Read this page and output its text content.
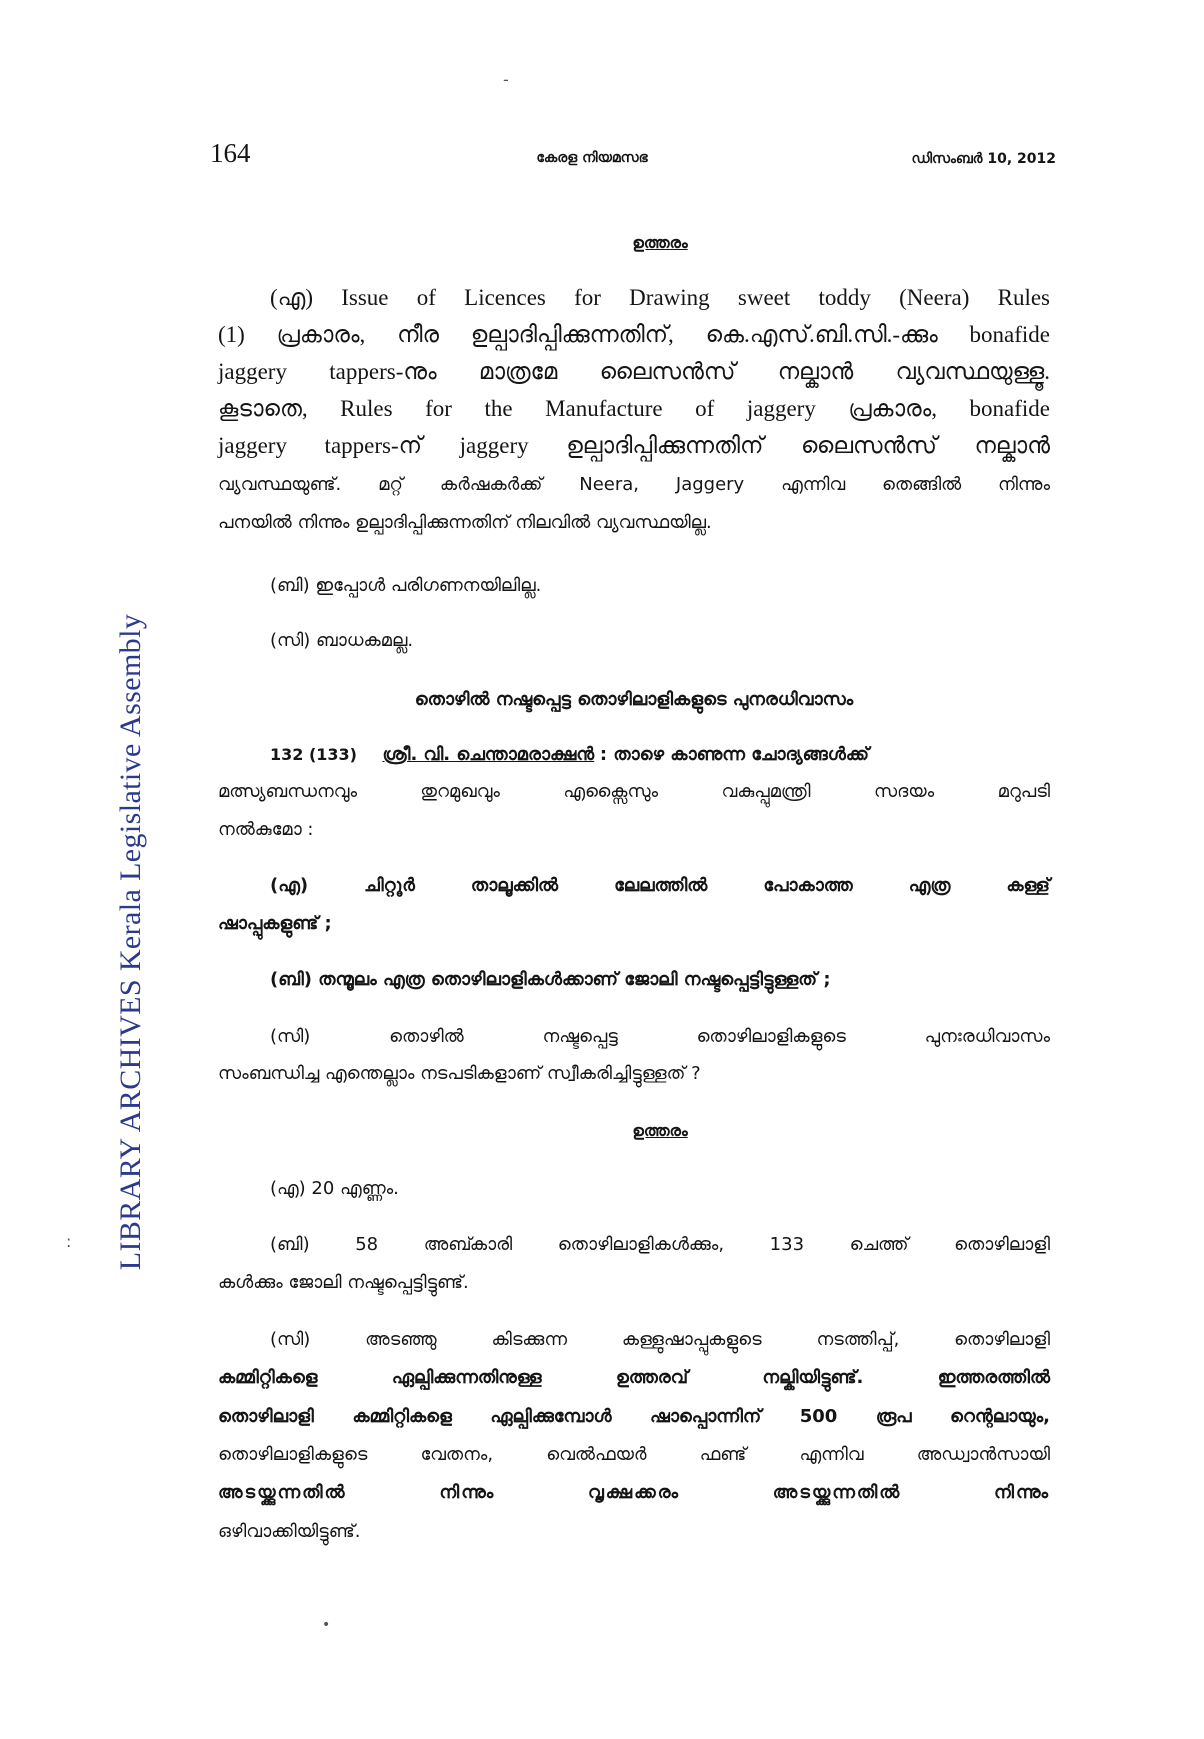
-
164	കേരള നിയമസഭ	ഡിസംബർ 10, 2012
LIBRARY ARCHIVES Kerala Legislative Assembly
:
ഉത്തരം
(എ) Issue of Licences for Drawing sweet toddy (Neera) Rules
(1) പ്രകാരം, നീര ഉല്പാദിപ്പിക്കുന്നതിന്, കെ.എസ്.ബി.സി.-ക്കും bonafide
jaggery tappers-നും മാത്രമേ ലൈസൻസ് നല്കാൻ വ്യവസ്ഥയുള്ളൂ.
കൂടാതെ, Rules for the Manufacture of jaggery പ്രകാരം, bonafide
jaggery tappers-ന് jaggery ഉല്പാദിപ്പിക്കുന്നതിന് ലൈസൻസ് നല്കാൻ
വ്യവസ്ഥയുണ്ട്. മറ്റ് കർഷകർക്ക് Neera, Jaggery എന്നിവ തെങ്ങിൽ നിന്നും
പനയിൽ നിന്നും ഉല്പാദിപ്പിക്കുന്നതിന് നിലവിൽ വ്യവസ്ഥയില്ല.
(ബി) ഇപ്പോൾ പരിഗണനയിലില്ല.
(സി) ബാധകമല്ല.
തൊഴിൽ നഷ്ടപ്പെട്ട തൊഴിലാളികളുടെ പുനരധിവാസം
132 (133) ശ്രീ. വി. ചെന്താമരാക്ഷൻ : താഴെ കാണുന്ന ചോദ്യങ്ങൾക്ക്
മത്സ്യബന്ധനവും തുറമുഖവും എക്സൈസും വകുപ്പുമന്ത്രി സദയം മറുപടി
നൽകുമോ :
(എ) ചിറ്റൂർ താലൂക്കിൽ ലേലത്തിൽ പോകാത്ത എത്ര കള്ള്
ഷാപ്പുകളുണ്ട് ;
(ബി) തന്മൂലം എത്ര തൊഴിലാളികൾക്കാണ് ജോലി നഷ്ടപ്പെട്ടിട്ടുള്ളത് ;
(സി) തൊഴിൽ നഷ്ടപ്പെട്ട തൊഴിലാളികളുടെ പുനഃരധിവാസം
സംബന്ധിച്ച എന്തെല്ലാം നടപടികളാണ് സ്വീകരിച്ചിട്ടുള്ളത് ?
ഉത്തരം
(എ) 20 എണ്ണം.
(ബി) 58 അബ്കാരി തൊഴിലാളികൾക്കും, 133 ചെത്ത് തൊഴിലാളി
കൾക്കും ജോലി നഷ്ടപ്പെട്ടിട്ടുണ്ട്.
(സി) അടഞ്ഞു കിടക്കുന്ന കള്ളുഷാപ്പുകളുടെ നടത്തിപ്പ്, തൊഴിലാളി
കമ്മിറ്റികളെ ഏല്പിക്കുന്നതിനുള്ള ഉത്തരവ് നല്കിയിട്ടുണ്ട്. ഇത്തരത്തിൽ
തൊഴിലാളി കമ്മിറ്റികളെ ഏല്പിക്കുമ്പോൾ ഷാപ്പൊന്നിന് 500 രൂപ റെന്റലായും,
തൊഴിലാളികളുടെ വേതനം, വെൽഫയർ ഫണ്ട് എന്നിവ അഡ്വാൻസായി
അടയ്ക്കുന്നതിൽ നിന്നും വൃക്ഷക്കരം അടയ്ക്കുന്നതിൽ നിന്നും
ഒഴിവാക്കിയിട്ടുണ്ട്.
•
